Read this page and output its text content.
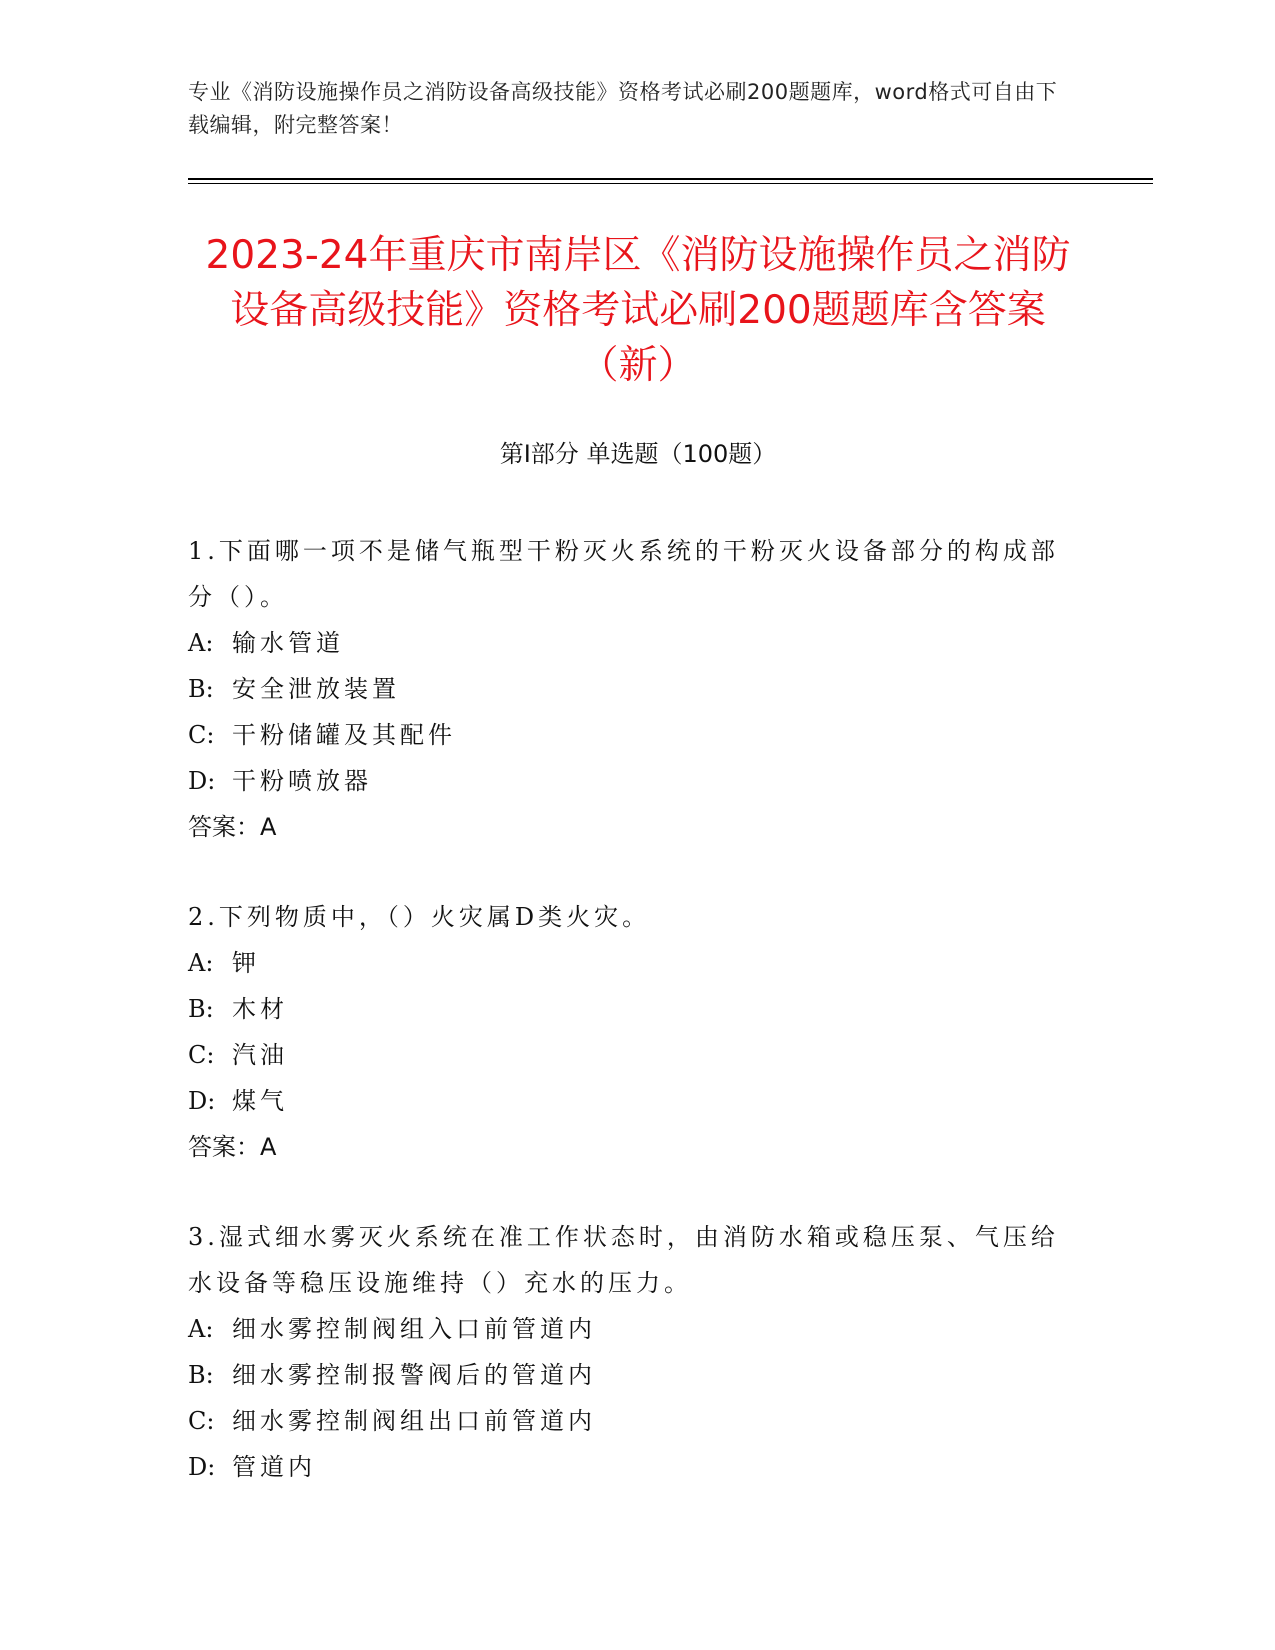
专业《消防设施操作员之消防设备高级技能》资格考试必刷200题题库，word格式可自由下载编辑，附完整答案！
2023-24年重庆市南岸区《消防设施操作员之消防设备高级技能》资格考试必刷200题题库含答案（新）
第Ⅰ部分 单选题（100题）

1.下面哪一项不是储气瓶型干粉灭火系统的干粉灭火设备部分的构成部分（）。

A: 输水管道

B: 安全泄放装置

C: 干粉储罐及其配件

D: 干粉喷放器

答案：A

2.下列物质中，（）火灾属D类火灾。

A: 钾

B: 木材

C: 汽油

D: 煤气

答案：A

3.湿式细水雾灭火系统在准工作状态时，由消防水箱或稳压泵、气压给水设备等稳压设施维持（）充水的压力。

A: 细水雾控制阀组入口前管道内

B: 细水雾控制报警阀后的管道内

C: 细水雾控制阀组出口前管道内

D: 管道内
